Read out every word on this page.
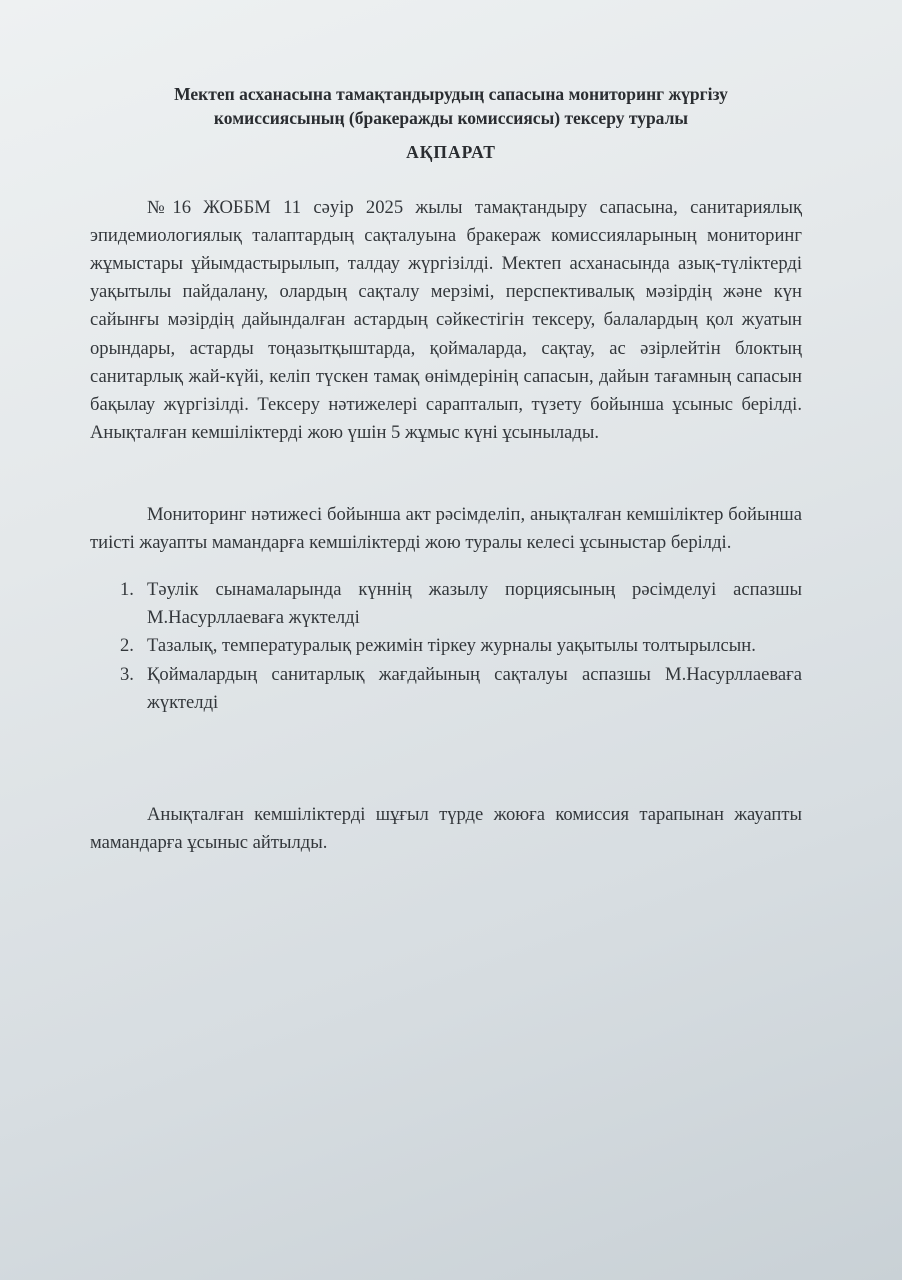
Мектеп асханасына тамақтандырудың сапасына мониторинг жүргізу
комиссиясының (бракеражды комиссиясы) тексеру туралы
АҚПАРАТ

№16 ЖОББМ 11 сәуір 2025 жылы тамақтандыру сапасына, санитариялық эпидемиологиялық талаптардың сақталуына бракераж комиссияларының мониторинг жұмыстары ұйымдастырылып, талдау жүргізілді. Мектеп асханасында азық-түліктерді уақытылы пайдалану, олардың сақталу мерзімі, перспективалық мәзірдің және күн сайынғы мәзірдің дайындалған астардың сәйкестігін тексеру, балалардың қол жуатын орындары, астарды тоңазытқыштарда, қоймаларда, сақтау, ас әзірлейтін блоктың санитарлық жай-күйі, келіп түскен тамақ өнімдерінің сапасын, дайын тағамның сапасын бақылау жүргізілді. Тексеру нәтижелері сарапталып, түзету бойынша ұсыныс берілді. Анықталған кемшіліктерді жою үшін 5 жұмыс күні ұсынылады.

Мониторинг нәтижесі бойынша акт рәсімделіп, анықталған кемшіліктер бойынша тиісті жауапты мамандарға кемшіліктерді жою туралы келесі ұсыныстар берілді.

1. Тәулік сынамаларында күннің жазылу порциясының рәсімделуі аспазшы М.Насурллаеваға жүктелді
2. Тазалық, температуралық режимін тіркеу журналы уақытылы толтырылсын.
3. Қоймалардың санитарлық жағдайының сақталуы аспазшы М.Насурллаеваға жүктелді

Анықталған кемшіліктерді шұғыл түрде жоюға комиссия тарапынан жауапты мамандарға ұсыныс айтылды.
